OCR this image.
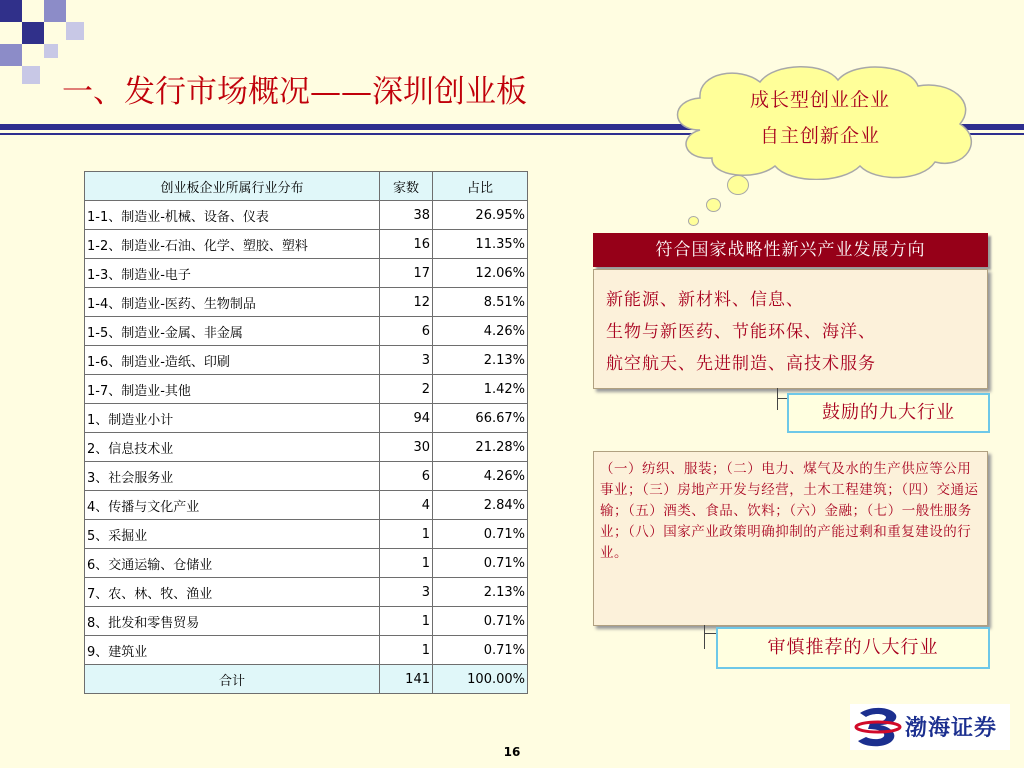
一、发行市场概况——深圳创业板
创业板企业所属行业分布	家数	占比
1-1、制造业-机械、设备、仪表	38	26.95%
1-2、制造业-石油、化学、塑胶、塑料	16	11.35%
1-3、制造业-电子	17	12.06%
1-4、制造业-医药、生物制品	12	8.51%
1-5、制造业-金属、非金属	6	4.26%
1-6、制造业-造纸、印刷	3	2.13%
1-7、制造业-其他	2	1.42%
1、制造业小计	94	66.67%
2、信息技术业	30	21.28%
3、社会服务业	6	4.26%
4、传播与文化产业	4	2.84%
5、采掘业	1	0.71%
6、交通运输、仓储业	1	0.71%
7、农、林、牧、渔业	3	2.13%
8、批发和零售贸易	1	0.71%
9、建筑业	1	0.71%
合计	141	100.00%
成长型创业企业
自主创新企业
符合国家战略性新兴产业发展方向
新能源、新材料、信息、
生物与新医药、节能环保、海洋、
航空航天、先进制造、高技术服务
鼓励的九大行业
（一）纺织、服装；（二）电力、煤气及水的生产供应等公用事业；（三）房地产开发与经营，土木工程建筑；（四）交通运输；（五）酒类、食品、饮料；（六）金融；（七）一般性服务业；（八）国家产业政策明确抑制的产能过剩和重复建设的行业。
审慎推荐的八大行业
渤海证券
16
